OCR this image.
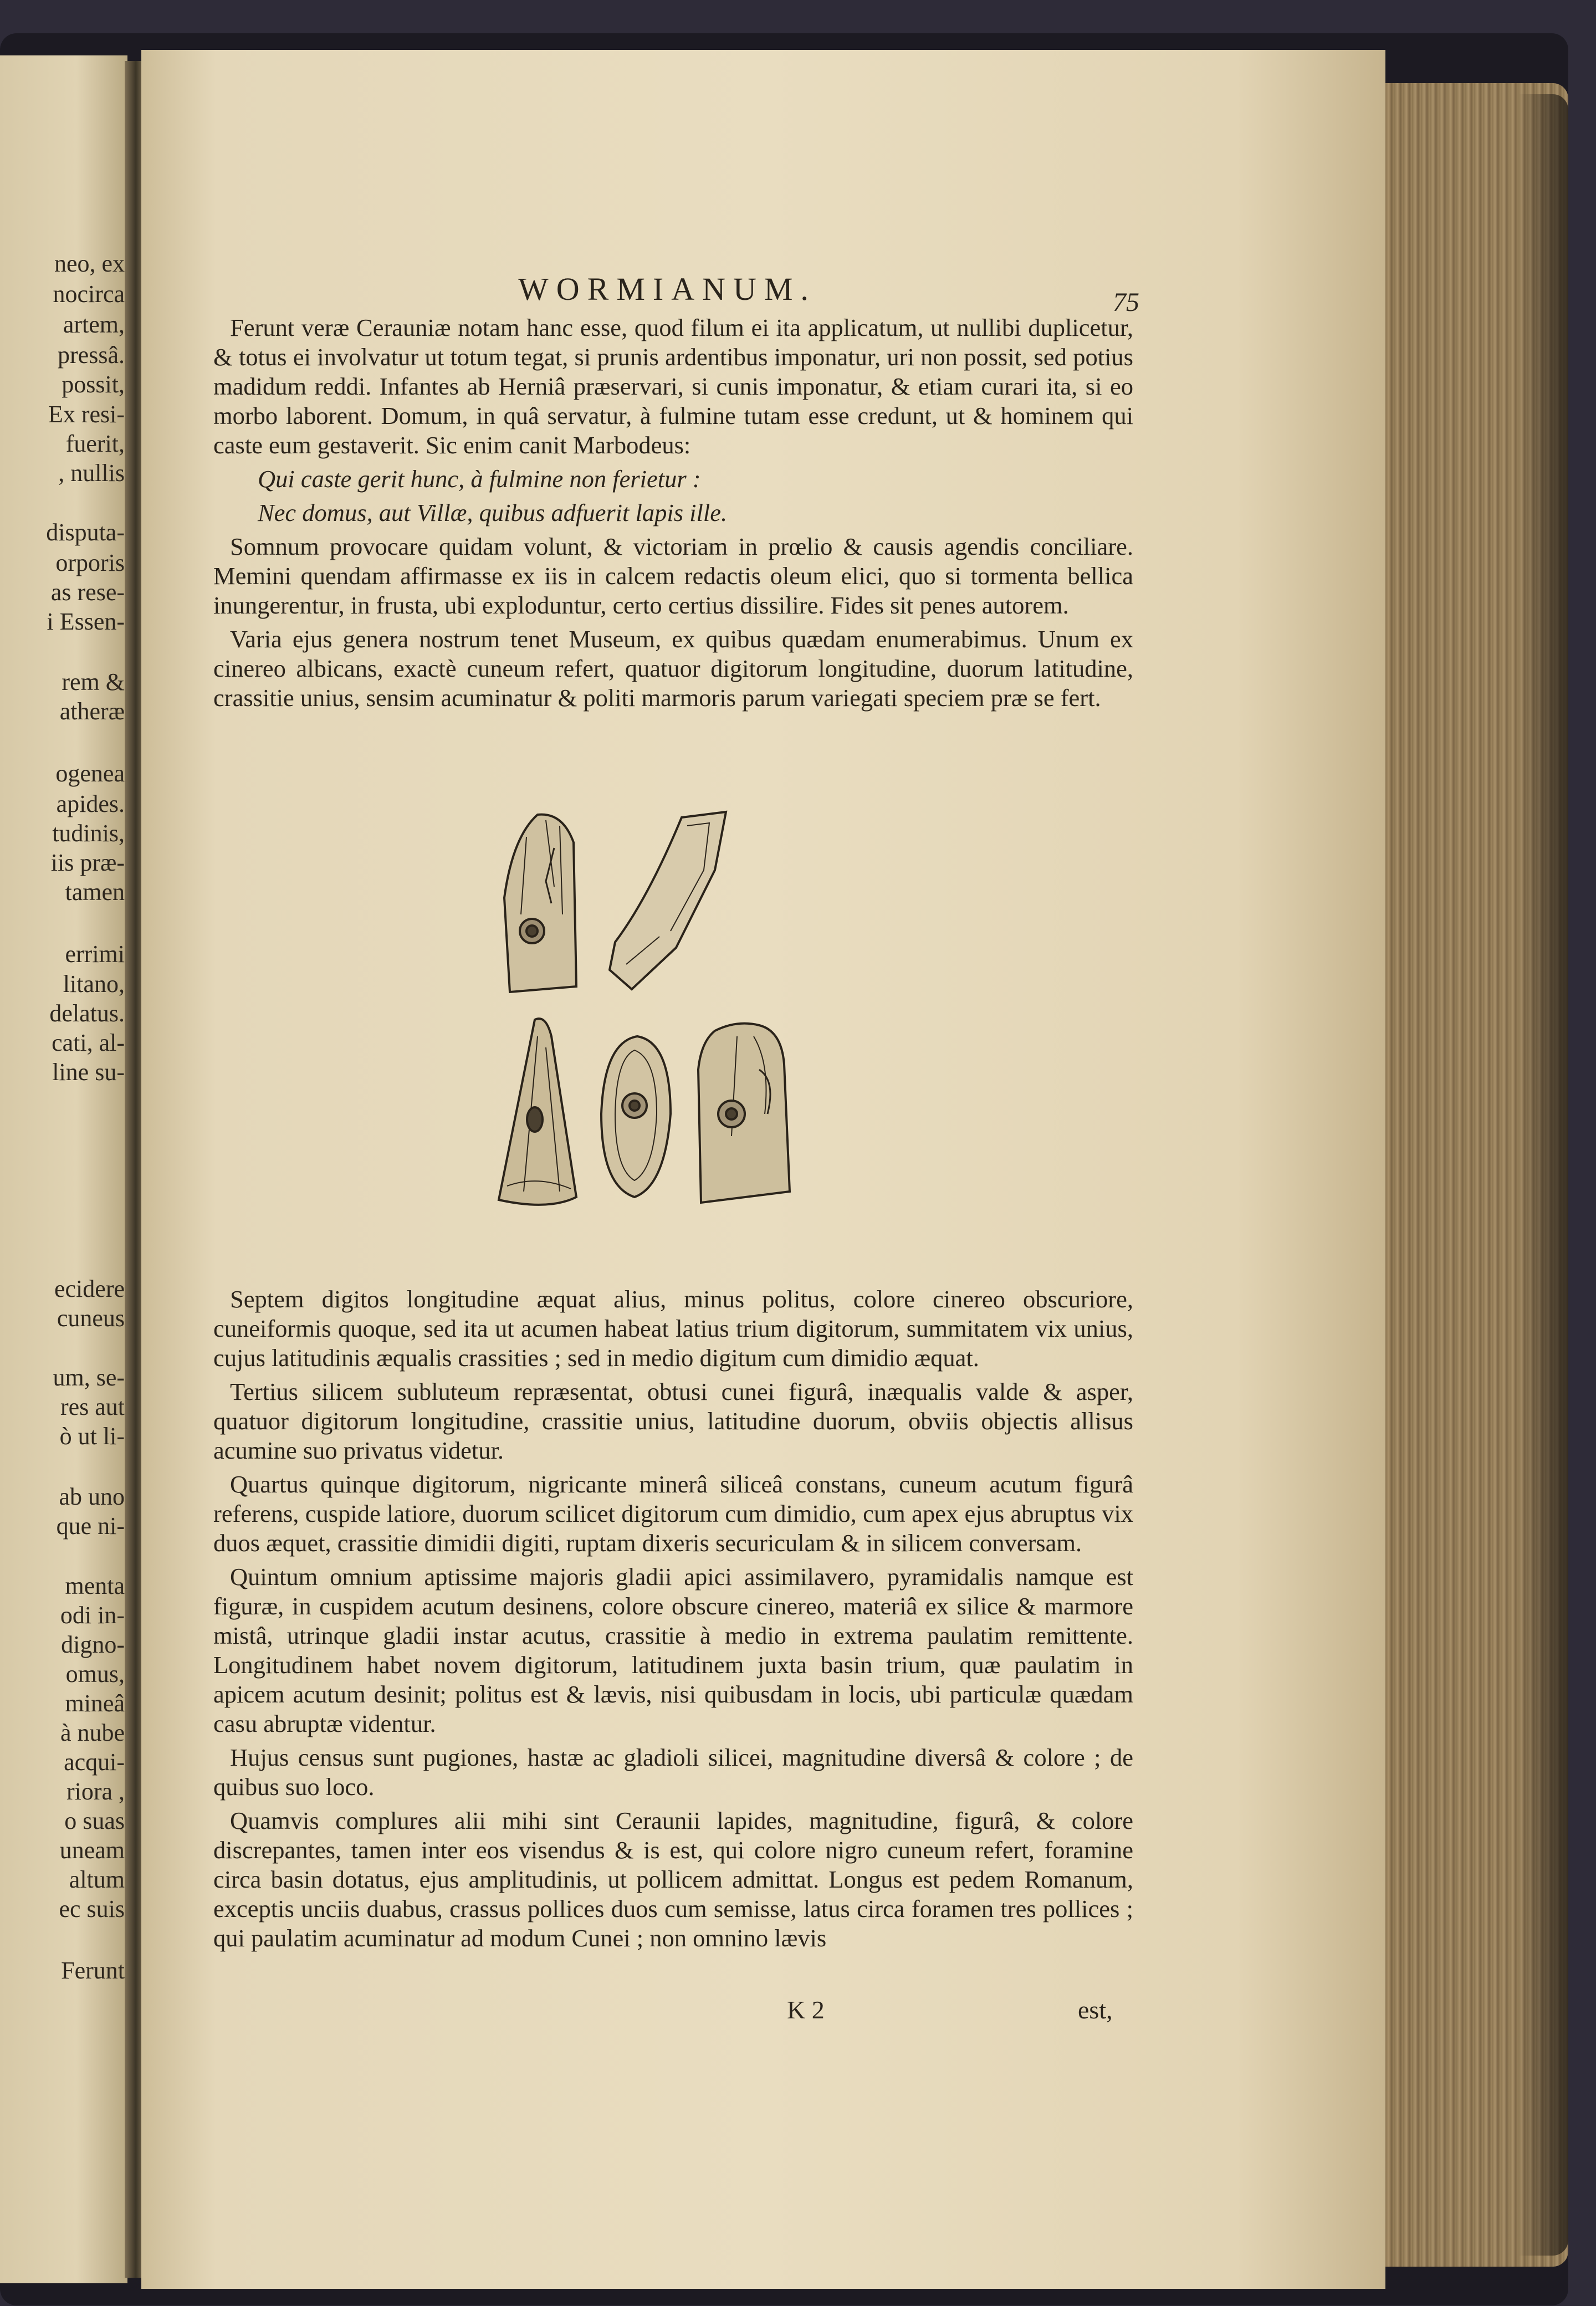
neo, ex
nocirca
artem,
pressâ.
possit,
Ex resi-
fuerit,
, nullis
disputa-
orporis
as rese-
i Essen-
rem &
atheræ
ogenea
apides.
tudinis,
iis præ-
tamen
errimi
litano,
delatus.
cati, al-
line su-
ecidere
cuneus
um, se-
res aut
ò ut li-
ab uno
que ni-
menta
odi in-
digno-
omus,
mineâ
à nube
acqui-
riora ,
o suas
uneam
altum
ec suis
Ferunt
WORMIANUM.	75

Ferunt veræ Cerauniæ notam hanc esse, quod filum ei ita applicatum, ut nullibi duplicetur, & totus ei involvatur ut totum tegat, si prunis ardentibus imponatur, uri non possit, sed potius madidum reddi. Infantes ab Herniâ præservari, si cunis imponatur, & etiam curari ita, si eo morbo laborent. Domum, in quâ servatur, à fulmine tutam esse credunt, ut & hominem qui caste eum gestaverit. Sic enim canit Marbodeus:

Qui caste gerit hunc, à fulmine non ferietur :

Nec domus, aut Villæ, quibus adfuerit lapis ille.

Somnum provocare quidam volunt, & victoriam in prœlio & causis agendis conciliare. Memini quendam affirmasse ex iis in calcem redactis oleum elici, quo si tormenta bellica inungerentur, in frusta, ubi exploduntur, certo certius dissilire. Fides sit penes autorem.

Varia ejus genera nostrum tenet Museum, ex quibus quædam enumerabimus. Unum ex cinereo albicans, exactè cuneum refert, quatuor digitorum longitudine, duorum latitudine, crassitie unius, sensim acuminatur & politi marmoris parum variegati speciem præ se fert.

Septem digitos longitudine æquat alius, minus politus, colore cinereo obscuriore, cuneiformis quoque, sed ita ut acumen habeat latius trium digitorum, summitatem vix unius, cujus latitudinis æqualis crassities ; sed in medio digitum cum dimidio æquat.

Tertius silicem subluteum repræsentat, obtusi cunei figurâ, inæqualis valde & asper, quatuor digitorum longitudine, crassitie unius, latitudine duorum, obviis objectis allisus acumine suo privatus videtur.

Quartus quinque digitorum, nigricante minerâ siliceâ constans, cuneum acutum figurâ referens, cuspide latiore, duorum scilicet digitorum cum dimidio, cum apex ejus abruptus vix duos æquet, crassitie dimidii digiti, ruptam dixeris securiculam & in silicem conversam.

Quintum omnium aptissime majoris gladii apici assimilavero, pyramidalis namque est figuræ, in cuspidem acutum desinens, colore obscure cinereo, materiâ ex silice & marmore mistâ, utrinque gladii instar acutus, crassitie à medio in extrema paulatim remittente. Longitudinem habet novem digitorum, latitudinem juxta basin trium, quæ paulatim in apicem acutum desinit; politus est & lævis, nisi quibusdam in locis, ubi particulæ quædam casu abruptæ videntur.

Hujus census sunt pugiones, hastæ ac gladioli silicei, magnitudine diversâ & colore ; de quibus suo loco.

Quamvis complures alii mihi sint Ceraunii lapides, magnitudine, figurâ, & colore discrepantes, tamen inter eos visendus & is est, qui colore nigro cuneum refert, foramine circa basin dotatus, ejus amplitudinis, ut pollicem admittat. Longus est pedem Romanum, exceptis unciis duabus, crassus pollices duos cum semisse, latus circa foramen tres pollices ; qui paulatim acuminatur ad modum Cunei ; non omnino lævis

K 2	est,
